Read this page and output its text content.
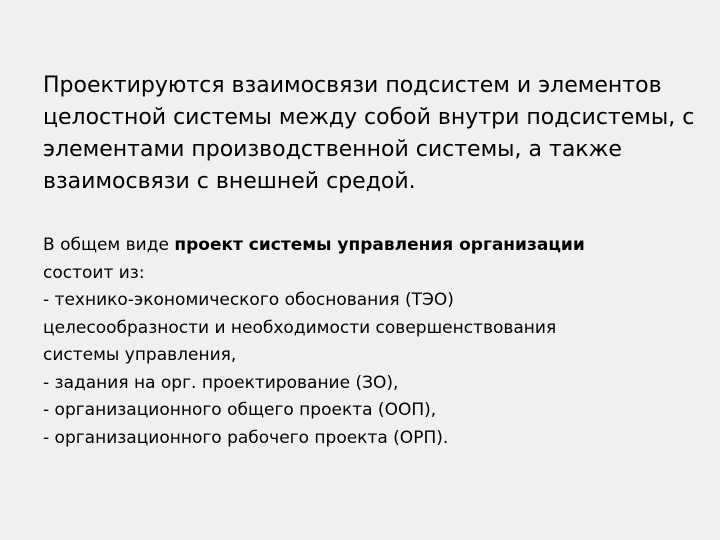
Проектируются взаимосвязи подсистем и элементов целостной системы между собой внутри подсистемы, с элементами производственной системы, а также взаимосвязи с внешней средой.

В общем виде проект системы управления организации
состоит из:
- технико-экономического обоснования (ТЭО)
целесообразности и необходимости совершенствования
системы управления,
- задания на орг. проектирование (ЗО),
- организационного общего проекта (ООП),
- организационного рабочего проекта (ОРП).
